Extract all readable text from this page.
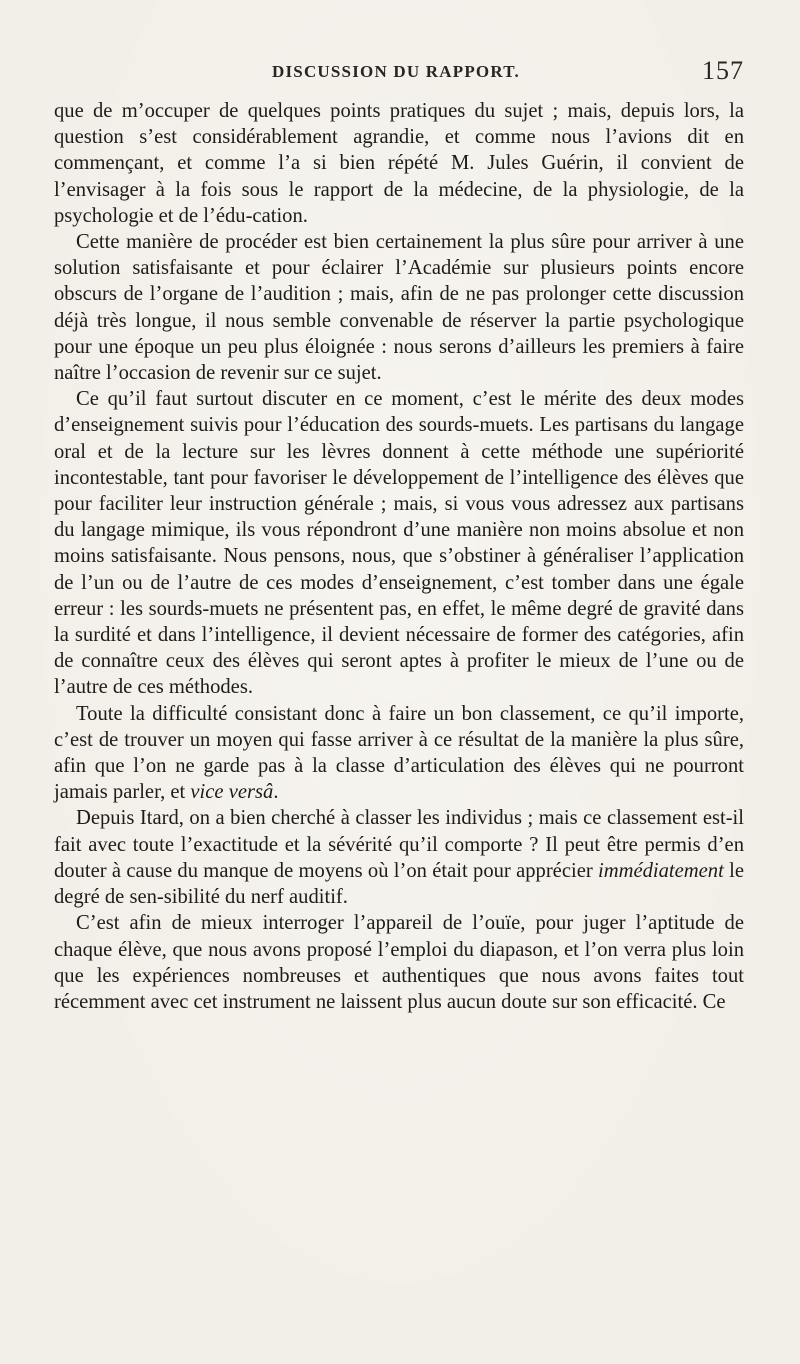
DISCUSSION DU RAPPORT.	157

que de m’occuper de quelques points pratiques du sujet ; mais, depuis lors, la question s’est considérablement agrandie, et comme nous l’avions dit en commençant, et comme l’a si bien répété M. Jules Guérin, il convient de l’envisager à la fois sous le rapport de la médecine, de la physiologie, de la psychologie et de l’édu-cation.

Cette manière de procéder est bien certainement la plus sûre pour arriver à une solution satisfaisante et pour éclairer l’Académie sur plusieurs points encore obscurs de l’organe de l’audition ; mais, afin de ne pas prolonger cette discussion déjà très longue, il nous semble convenable de réserver la partie psychologique pour une époque un peu plus éloignée : nous serons d’ailleurs les premiers à faire naître l’occasion de revenir sur ce sujet.

Ce qu’il faut surtout discuter en ce moment, c’est le mérite des deux modes d’enseignement suivis pour l’éducation des sourds-muets. Les partisans du langage oral et de la lecture sur les lèvres donnent à cette méthode une supériorité incontestable, tant pour favoriser le développement de l’intelligence des élèves que pour faciliter leur instruction générale ; mais, si vous vous adressez aux partisans du langage mimique, ils vous répondront d’une manière non moins absolue et non moins satisfaisante. Nous pensons, nous, que s’obstiner à généraliser l’application de l’un ou de l’autre de ces modes d’enseignement, c’est tomber dans une égale erreur : les sourds-muets ne présentent pas, en effet, le même degré de gravité dans la surdité et dans l’intelligence, il devient nécessaire de former des catégories, afin de connaître ceux des élèves qui seront aptes à profiter le mieux de l’une ou de l’autre de ces méthodes.

Toute la difficulté consistant donc à faire un bon classement, ce qu’il importe, c’est de trouver un moyen qui fasse arriver à ce résultat de la manière la plus sûre, afin que l’on ne garde pas à la classe d’articulation des élèves qui ne pourront jamais parler, et vice versâ.

Depuis Itard, on a bien cherché à classer les individus ; mais ce classement est-il fait avec toute l’exactitude et la sévérité qu’il comporte ? Il peut être permis d’en douter à cause du manque de moyens où l’on était pour apprécier immédiatement le degré de sen-sibilité du nerf auditif.

C’est afin de mieux interroger l’appareil de l’ouïe, pour juger l’aptitude de chaque élève, que nous avons proposé l’emploi du diapason, et l’on verra plus loin que les expériences nombreuses et authentiques que nous avons faites tout récemment avec cet instrument ne laissent plus aucun doute sur son efficacité. Ce
